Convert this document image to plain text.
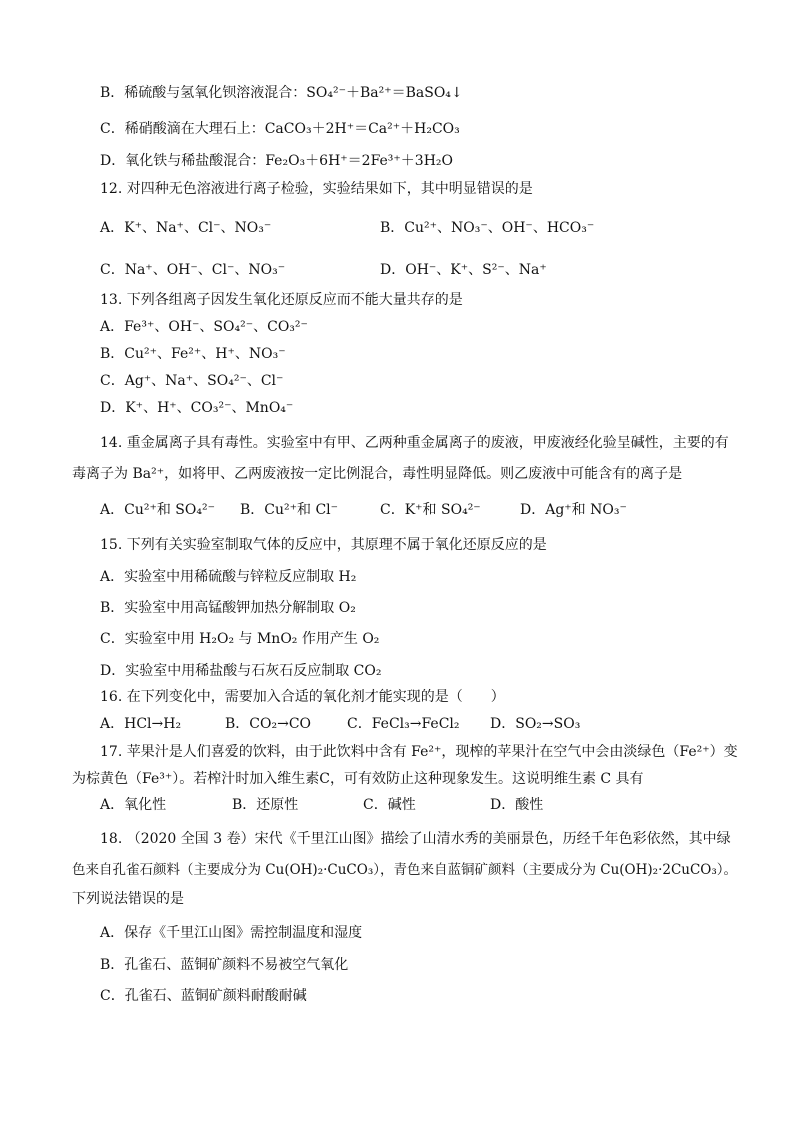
B．稀硫酸与氢氧化钡溶液混合：SO₄²⁻＋Ba²⁺＝BaSO₄↓
C．稀硝酸滴在大理石上：CaCO₃＋2H⁺＝Ca²⁺＋H₂CO₃
D．氧化铁与稀盐酸混合：Fe₂O₃＋6H⁺＝2Fe³⁺＋3H₂O
12. 对四种无色溶液进行离子检验，实验结果如下，其中明显错误的是
A．K⁺、Na⁺、Cl⁻、NO₃⁻	B．Cu²⁺、NO₃⁻、OH⁻、HCO₃⁻
C．Na⁺、OH⁻、Cl⁻、NO₃⁻	D．OH⁻、K⁺、S²⁻、Na⁺
13. 下列各组离子因发生氧化还原反应而不能大量共存的是
A．Fe³⁺、OH⁻、SO₄²⁻、CO₃²⁻
B．Cu²⁺、Fe²⁺、H⁺、NO₃⁻
C．Ag⁺、Na⁺、SO₄²⁻、Cl⁻
D．K⁺、H⁺、CO₃²⁻、MnO₄⁻
14. 重金属离子具有毒性。实验室中有甲、乙两种重金属离子的废液，甲废液经化验呈碱性，主要的有
毒离子为 Ba²⁺，如将甲、乙两废液按一定比例混合，毒性明显降低。则乙废液中可能含有的离子是
A．Cu²⁺和 SO₄²⁻ B．Cu²⁺和 Cl⁻	C．K⁺和 SO₄²⁻	D．Ag⁺和 NO₃⁻
15. 下列有关实验室制取气体的反应中，其原理不属于氧化还原反应的是
A．实验室中用稀硫酸与锌粒反应制取 H₂
B．实验室中用高锰酸钾加热分解制取 O₂
C．实验室中用 H₂O₂ 与 MnO₂ 作用产生 O₂
D．实验室中用稀盐酸与石灰石反应制取 CO₂
16. 在下列变化中，需要加入合适的氧化剂才能实现的是（　　）
A．HCl→H₂	B．CO₂→CO	C．FeCl₃→FeCl₂ D．SO₂→SO₃
17. 苹果汁是人们喜爱的饮料，由于此饮料中含有 Fe²⁺，现榨的苹果汁在空气中会由淡绿色（Fe²⁺）变
为棕黄色（Fe³⁺）。若榨汁时加入维生素C，可有效防止这种现象发生。这说明维生素 C 具有
A．氧化性	B．还原性	C．碱性	D．酸性
18. （2020 全国 3 卷）宋代《千里江山图》描绘了山清水秀的美丽景色，历经千年色彩依然，其中绿
色来自孔雀石颜料（主要成分为 Cu(OH)₂·CuCO₃），青色来自蓝铜矿颜料（主要成分为 Cu(OH)₂·2CuCO₃）。
下列说法错误的是
A．保存《千里江山图》需控制温度和湿度
B．孔雀石、蓝铜矿颜料不易被空气氧化
C．孔雀石、蓝铜矿颜料耐酸耐碱
